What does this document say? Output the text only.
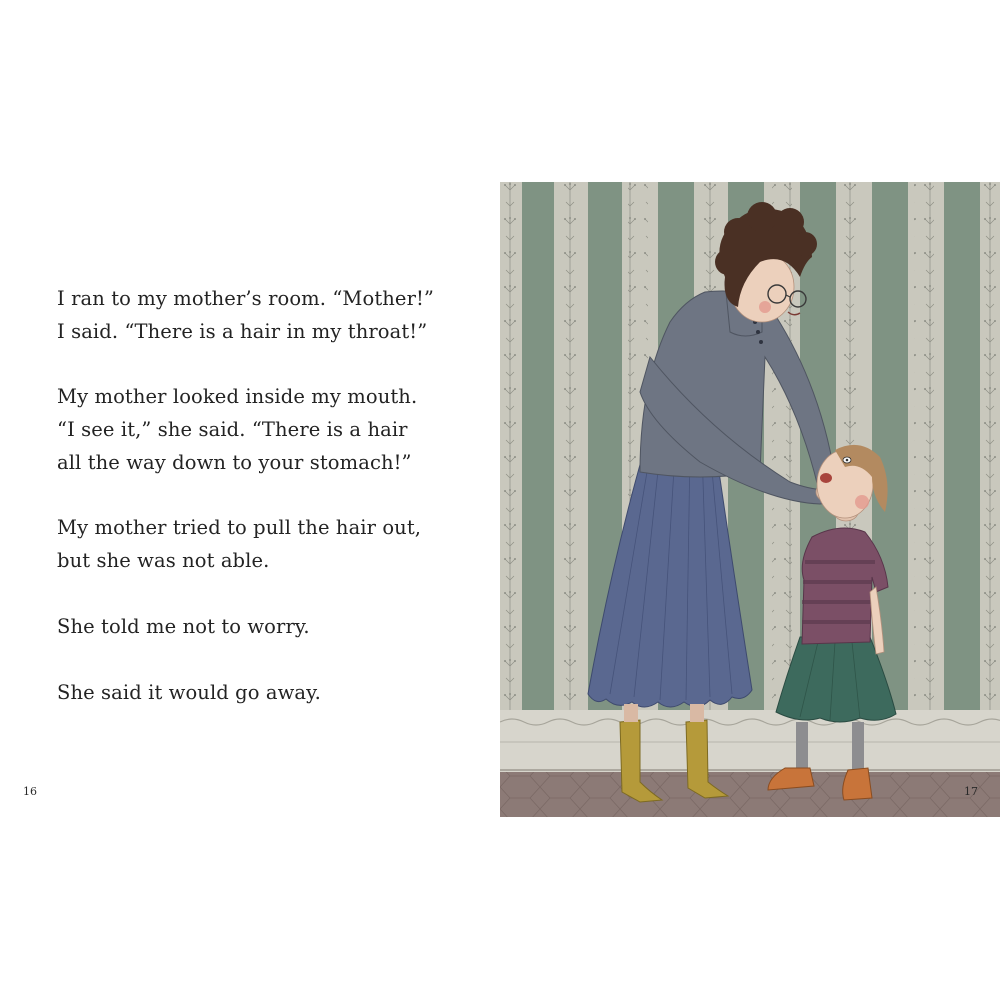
I ran to my mother’s room. “Mother!”
I said. “There is a hair in my throat!”

My mother looked inside my mouth.
“I see it,” she said. “There is a hair
all the way down to your stomach!”

My mother tried to pull the hair out,
but she was not able.

She told me not to worry.

She said it would go away.

16	17
